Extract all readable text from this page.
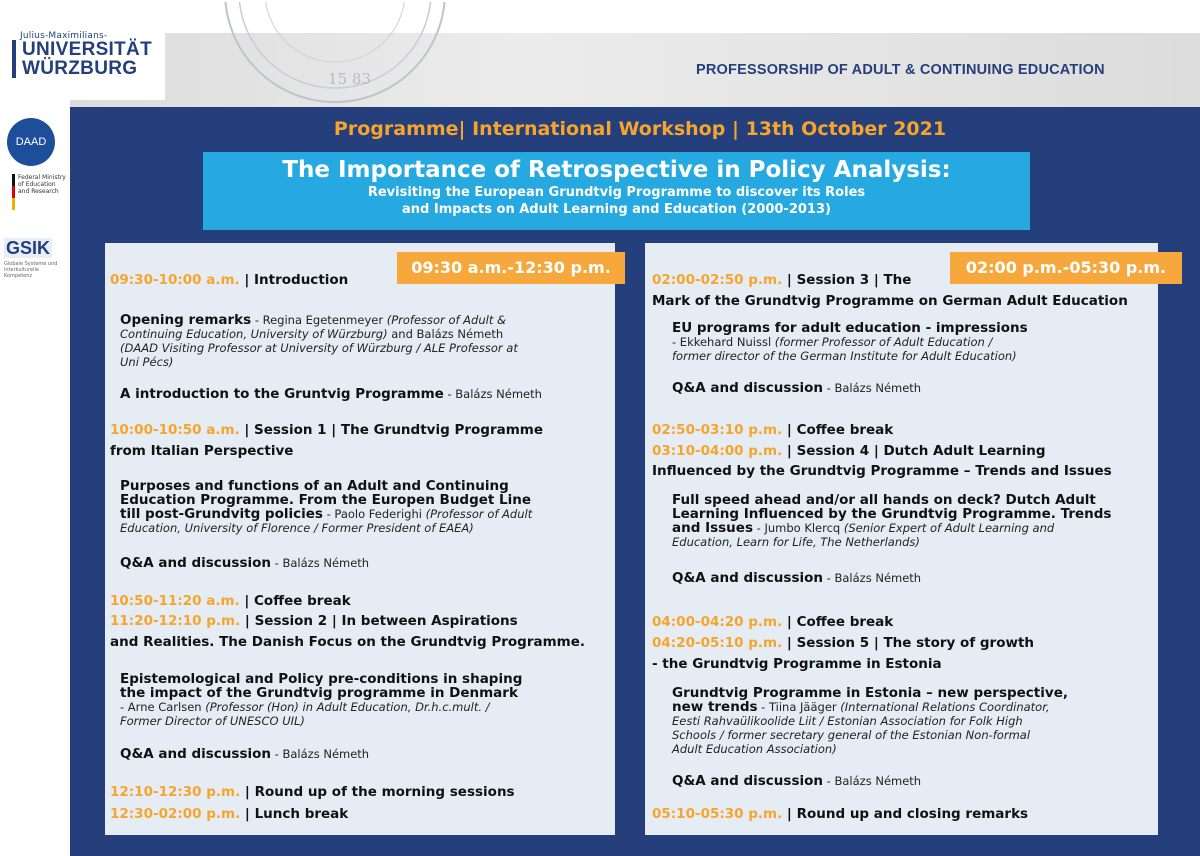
15 83
Julius-Maximilians-
UNIVERSITÄT
WÜRZBURG	PROFESSORSHIP OF ADULT & CONTINUING EDUCATION
DAAD
Federal Ministry of Education and Research
GSIK
Globale Systeme und interkulturelle Kompetenz
Programme| International Workshop | 13th October 2021
The Importance of Retrospective in Policy Analysis:
Revisiting the European Grundtvig Programme to discover its Roles
and Impacts on Adult Learning and Education (2000-2013)
09:30 a.m.-12:30 p.m.	02:00 p.m.-05:30 p.m.
09:30-10:00 a.m. | Introduction
Opening remarks - Regina Egetenmeyer (Professor of Adult &
Continuing Education, University of Würzburg) and Balázs Németh
(DAAD Visiting Professor at University of Würzburg / ALE Professor at
Uni Pécs)
A introduction to the Gruntvig Programme - Balázs Németh
10:00-10:50 a.m. | Session 1 | The Grundtvig Programme
from Italian Perspective
Purposes and functions of an Adult and Continuing
Education Programme. From the Europen Budget Line
till post-Grundvitg policies - Paolo Federighi (Professor of Adult
Education, University of Florence / Former President of EAEA)
Q&A and discussion - Balázs Németh
10:50-11:20 a.m. | Coffee break
11:20-12:10 p.m. | Session 2 | In between Aspirations
and Realities. The Danish Focus on the Grundtvig Programme.
Epistemological and Policy pre-conditions in shaping
the impact of the Grundtvig programme in Denmark
- Arne Carlsen (Professor (Hon) in Adult Education, Dr.h.c.mult. /
Former Director of UNESCO UIL)
Q&A and discussion - Balázs Németh
12:10-12:30 p.m. | Round up of the morning sessions
12:30-02:00 p.m. | Lunch break
02:00-02:50 p.m. | Session 3 | The
Mark of the Grundtvig Programme on German Adult Education
EU programs for adult education - impressions
- Ekkehard Nuissl (former Professor of Adult Education /
former director of the German Institute for Adult Education)
Q&A and discussion - Balázs Németh
02:50-03:10 p.m. | Coffee break
03:10-04:00 p.m. | Session 4 | Dutch Adult Learning
Influenced by the Grundtvig Programme – Trends and Issues
Full speed ahead and/or all hands on deck? Dutch Adult
Learning Influenced by the Grundtvig Programme. Trends
and Issues - Jumbo Klercq (Senior Expert of Adult Learning and
Education, Learn for Life, The Netherlands)
Q&A and discussion - Balázs Németh
04:00-04:20 p.m. | Coffee break
04:20-05:10 p.m. | Session 5 | The story of growth
- the Grundtvig Programme in Estonia
Grundtvig Programme in Estonia – new perspective,
new trends - Tiina Jääger (International Relations Coordinator,
Eesti Rahvaülikoolide Liit / Estonian Association for Folk High
Schools / former secretary general of the Estonian Non-formal
Adult Education Association)
Q&A and discussion - Balázs Németh
05:10-05:30 p.m. | Round up and closing remarks
